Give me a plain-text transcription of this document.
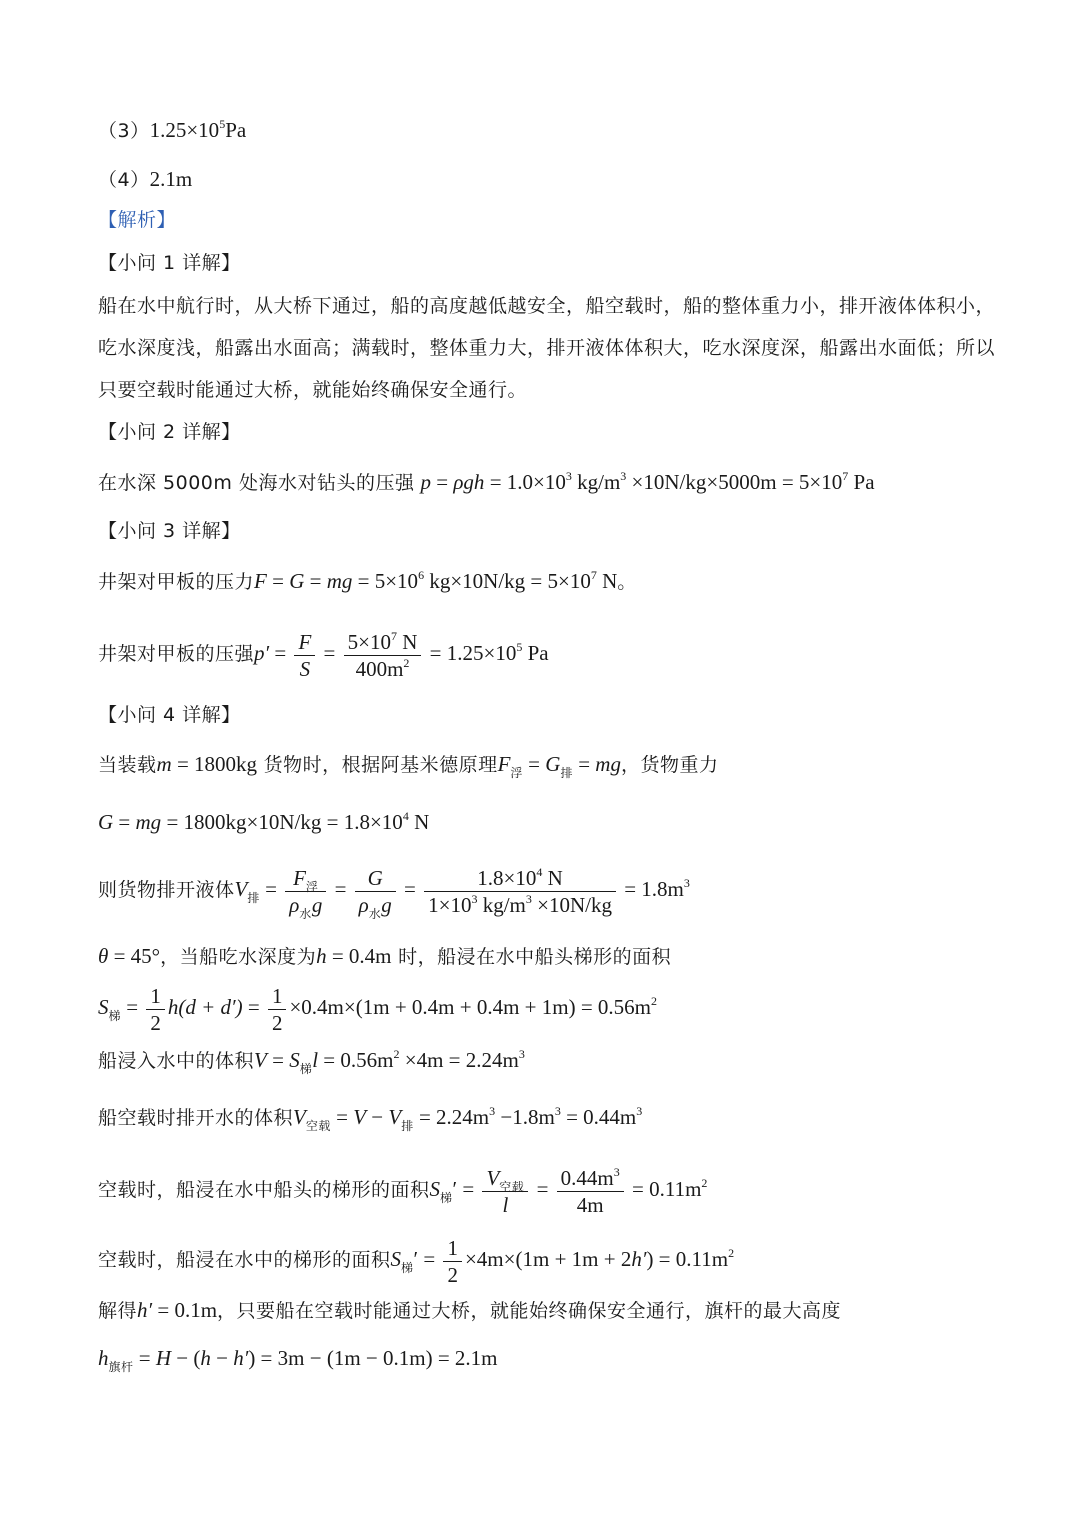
$(3)1.25\times 10^5Pa$
（4）2.1m
【解析】
【小问 1 详解】
船在水中航行时，从大桥下通过，船的高度越低越安全，船空载时，船的整体重力小，排开液体体积小，
吃水深度浅，船露出水面高；满载时，整体重力大，排开液体体积大，吃水深度深，船露出水面低；所以
只要空载时能通过大桥，就能始终确保安全通行。
【小问 2 详解】
在水深 5000m 处海水对钻头的压强 $p = \rho gh = 1.0\times 10^3$ $kg/m^3 \times 10N/kg\times 5000m = 5\times 10^7$ Pa
【小问 3 详解】
井架对甲板的压力F = G = mg = $5\times 10^6$ $kg\times 10N/kg = 5\times 10^7$ N。
井架对甲板的压强$p' = \frac{F}{S} = \frac{5\times 10^7 N}{400m^2} = 1.25\times 10^5$ Pa
【小问 4 详解】
当装载m = 1800kg 货物时，根据阿基米德原理$F_浮 = G_排$ = mg，货物重力
G = mg = $1800kg\times 10N/kg = 1.8\times 10^4$ N
则货物排开液体$V_排 = \frac{F_浮}{\rho_水g} = \frac{G}{\rho_水g} = \frac{1.8\times 10^4 N}{1\times 10^3 kg/m^3 \times 10N/kg} = 1.8m^3$
θ = 45°，当船吃水深度为h = 0.4m 时，船浸在水中船头梯形的面积
$S_梯 = \frac{1}{2} h(d + d') = \frac{1}{2} \times 0.4m\times(1m + 0.4m + 0.4m + 1m) = 0.56m^2$
船浸入水中的体积$V = S_梯l = 0.56m^2 \times 4m = 2.24m^3$
船空载时排开水的体积$V_{空载} = V - V_排 = 2.24m^3 -1.8m^3 = 0.44m^3$
空载时，船浸在水中船头的梯形的面积$S_梯' = \frac{V_{空载}}{l} = \frac{0.44m^3}{4m} = 0.11m^2$
空载时，船浸在水中的梯形的面积$S_梯' = \frac{1}{2} \times 4m\times(1m + 1m + 2h') = 0.11m^2$
解得h′ = 0.1m，只要船在空载时能通过大桥，就能始终确保安全通行，旗杆的最大高度
$h_{旗杆} = H - (h - h') = 3m - (1m - 0.1m) = 2.1m$
